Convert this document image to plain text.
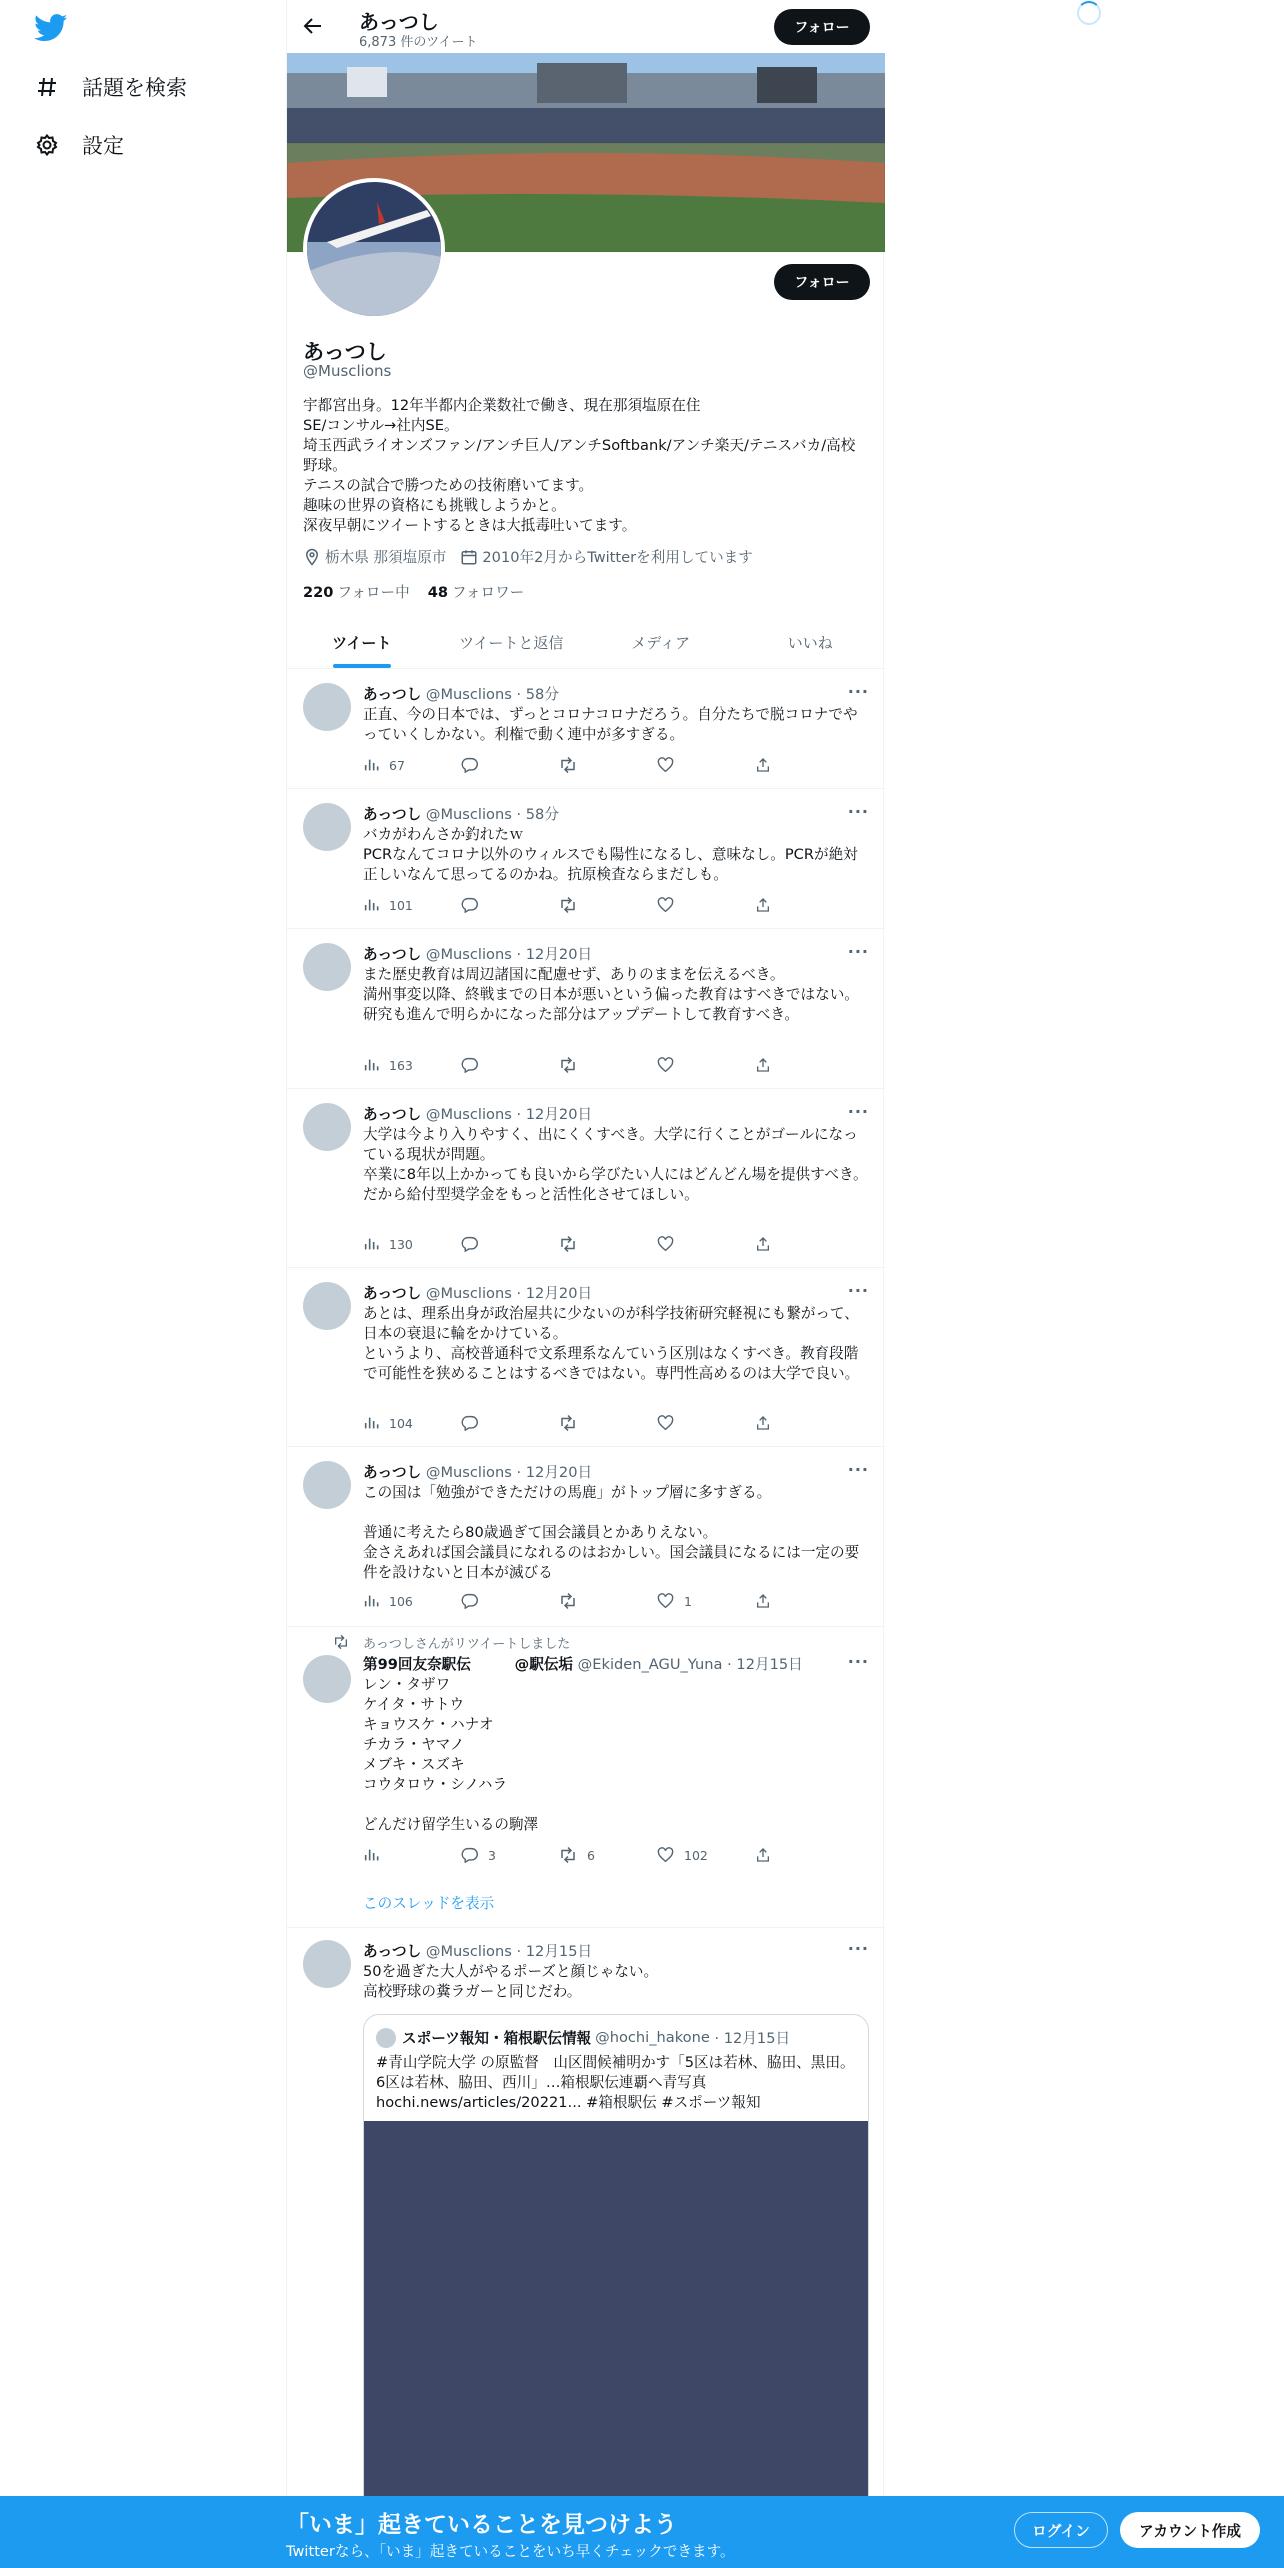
話題を検索
設定
あっつし
6,873 件のツイート
フォロー
フォロー
あっつし
@Musclions
宇都宮出身。12年半都内企業数社で働き、現在那須塩原在住
SE/コンサル→社内SE。
埼玉西武ライオンズファン/アンチ巨人/アンチSoftbank/アンチ楽天/テニスバカ/高校野球。
テニスの試合で勝つための技術磨いてます。
趣味の世界の資格にも挑戦しようかと。
深夜早朝にツイートするときは大抵毒吐いてます。
栃木県 那須塩原市 2010年2月からTwitterを利用しています
220 フォロー中 48 フォロワー
ツイート	ツイートと返信	メディア	いいね
あっつし @Musclions · 58分	···
正直、今の日本では、ずっとコロナコロナだろう。自分たちで脱コロナでやっていくしかない。利権で動く連中が多すぎる。
67
あっつし @Musclions · 58分	···
バカがわんさか釣れたｗ
PCRなんてコロナ以外のウィルスでも陽性になるし、意味なし。PCRが絶対正しいなんて思ってるのかね。抗原検査ならまだしも。
101
あっつし @Musclions · 12月20日	···
また歴史教育は周辺諸国に配慮せず、ありのままを伝えるべき。
満州事変以降、終戦までの日本が悪いという偏った教育はすべきではない。
研究も進んで明らかになった部分はアップデートして教育すべき。
163
あっつし @Musclions · 12月20日	···
大学は今より入りやすく、出にくくすべき。大学に行くことがゴールになっている現状が問題。
卒業に8年以上かかっても良いから学びたい人にはどんどん場を提供すべき。
だから給付型奨学金をもっと活性化させてほしい。
130
あっつし @Musclions · 12月20日	···
あとは、理系出身が政治屋共に少ないのが科学技術研究軽視にも繋がって、日本の衰退に輪をかけている。
というより、高校普通科で文系理系なんていう区別はなくすべき。教育段階で可能性を狭めることはするべきではない。専門性高めるのは大学で良い。
104
あっつし @Musclions · 12月20日	···
この国は「勉強ができただけの馬鹿」がトップ層に多すぎる。

普通に考えたら80歳過ぎて国会議員とかありえない。
金さえあれば国会議員になれるのはおかしい。国会議員になるには一定の要件を設けないと日本が滅びる
106	1
あっつしさんがリツイートしました
第99回友奈駅伝　　　@駅伝垢 @Ekiden_AGU_Yuna · 12月15日	···
レン・タザワ
ケイタ・サトウ
キョウスケ・ハナオ
チカラ・ヤマノ
メブキ・スズキ
コウタロウ・シノハラ

どんだけ留学生いるの駒澤
3	6	102
このスレッドを表示
あっつし @Musclions · 12月15日	···
50を過ぎた大人がやるポーズと顔じゃない。
高校野球の糞ラガーと同じだわ。
スポーツ報知・箱根駅伝情報 @hochi_hakone
· 12月15日
#青山学院大学 の原監督　山区間候補明かす「5区は若林、脇田、黒田。6区は若林、脇田、西川」…箱根駅伝連覇へ青写真
hochi.news/articles/20221... #箱根駅伝 #スポーツ報知
「いま」起きていることを見つけよう
Twitterなら、「いま」起きていることをいち早くチェックできます。
ログイン	アカウント作成
